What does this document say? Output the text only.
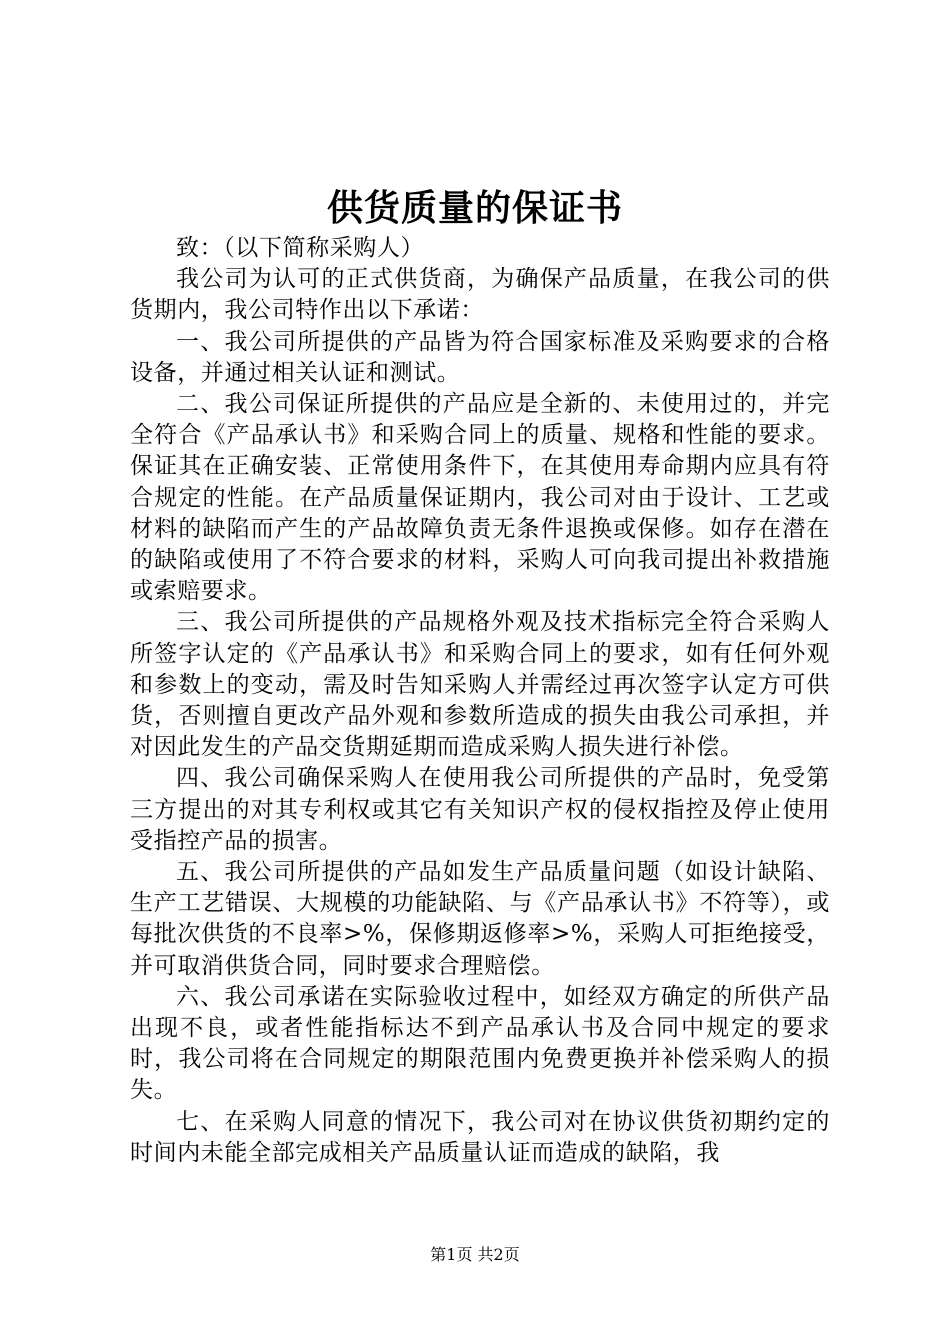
供货质量的保证书

致：（以下简称采购人）

我公司为认可的正式供货商，为确保产品质量，在我公司的供货期内，我公司特作出以下承诺：

一、我公司所提供的产品皆为符合国家标准及采购要求的合格设备，并通过相关认证和测试。

二、我公司保证所提供的产品应是全新的、未使用过的，并完全符合《产品承认书》和采购合同上的质量、规格和性能的要求。保证其在正确安装、正常使用条件下，在其使用寿命期内应具有符合规定的性能。在产品质量保证期内，我公司对由于设计、工艺或材料的缺陷而产生的产品故障负责无条件退换或保修。如存在潜在的缺陷或使用了不符合要求的材料，采购人可向我司提出补救措施或索赔要求。

三、我公司所提供的产品规格外观及技术指标完全符合采购人所签字认定的《产品承认书》和采购合同上的要求，如有任何外观和参数上的变动，需及时告知采购人并需经过再次签字认定方可供货，否则擅自更改产品外观和参数所造成的损失由我公司承担，并对因此发生的产品交货期延期而造成采购人损失进行补偿。

四、我公司确保采购人在使用我公司所提供的产品时，免受第三方提出的对其专利权或其它有关知识产权的侵权指控及停止使用受指控产品的损害。

五、我公司所提供的产品如发生产品质量问题（如设计缺陷、生产工艺错误、大规模的功能缺陷、与《产品承认书》不符等），或每批次供货的不良率>%，保修期返修率>%，采购人可拒绝接受，并可取消供货合同，同时要求合理赔偿。

六、我公司承诺在实际验收过程中，如经双方确定的所供产品出现不良，或者性能指标达不到产品承认书及合同中规定的要求时，我公司将在合同规定的期限范围内免费更换并补偿采购人的损失。

七、在采购人同意的情况下，我公司对在协议供货初期约定的时间内未能全部完成相关产品质量认证而造成的缺陷，我

第1页 共2页
